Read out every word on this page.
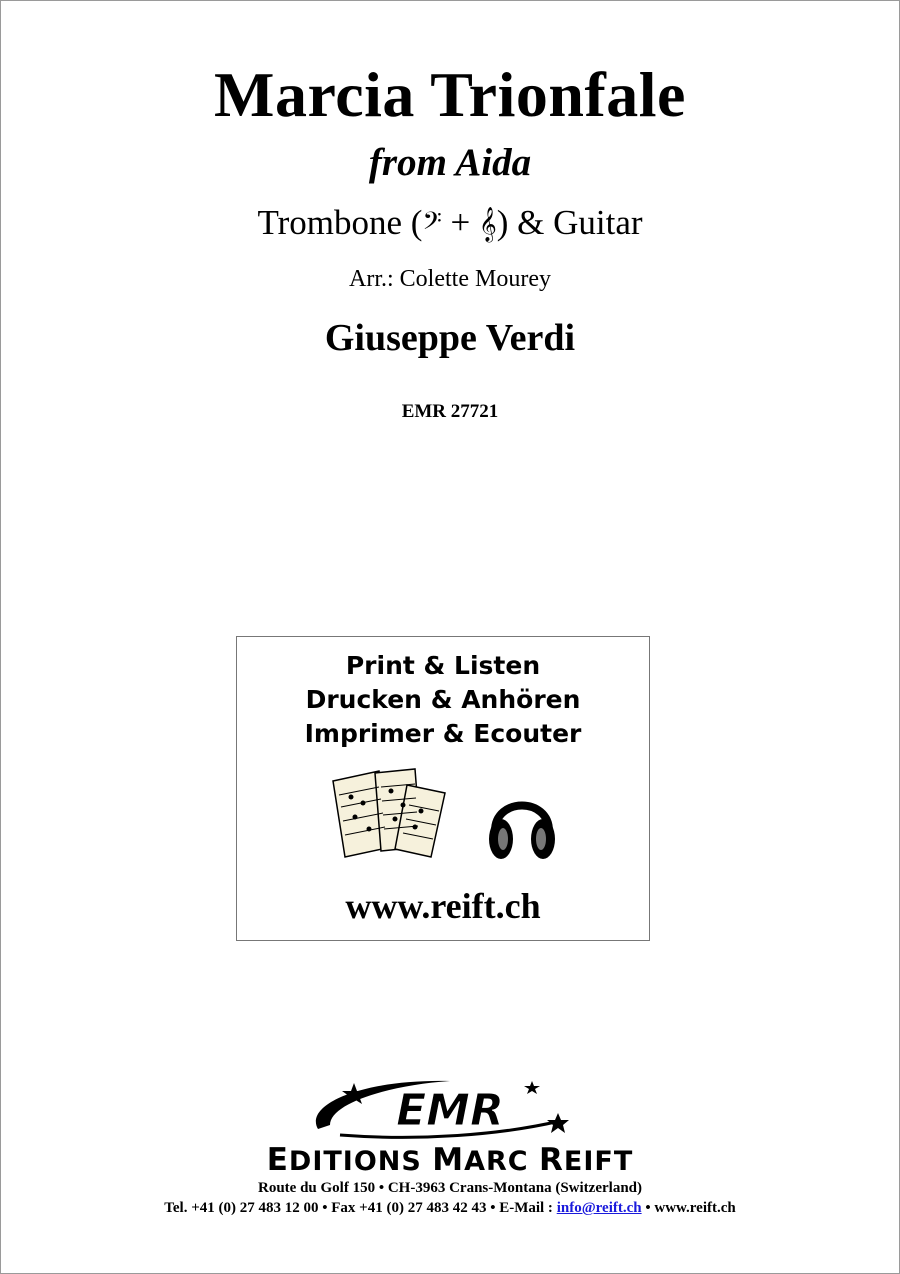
Marcia Trionfale
from Aida
Trombone (𝄢 + 𝄞) & Guitar
Arr.: Colette Mourey
Giuseppe Verdi
EMR 27721
Print & Listen
Drucken & Anhören
Imprimer & Ecouter
www.reift.ch
EMR
EDITIONS MARC REIFT
Route du Golf 150 • CH-3963 Crans-Montana (Switzerland)
Tel. +41 (0) 27 483 12 00 • Fax +41 (0) 27 483 42 43 • E-Mail : info@reift.ch • www.reift.ch
